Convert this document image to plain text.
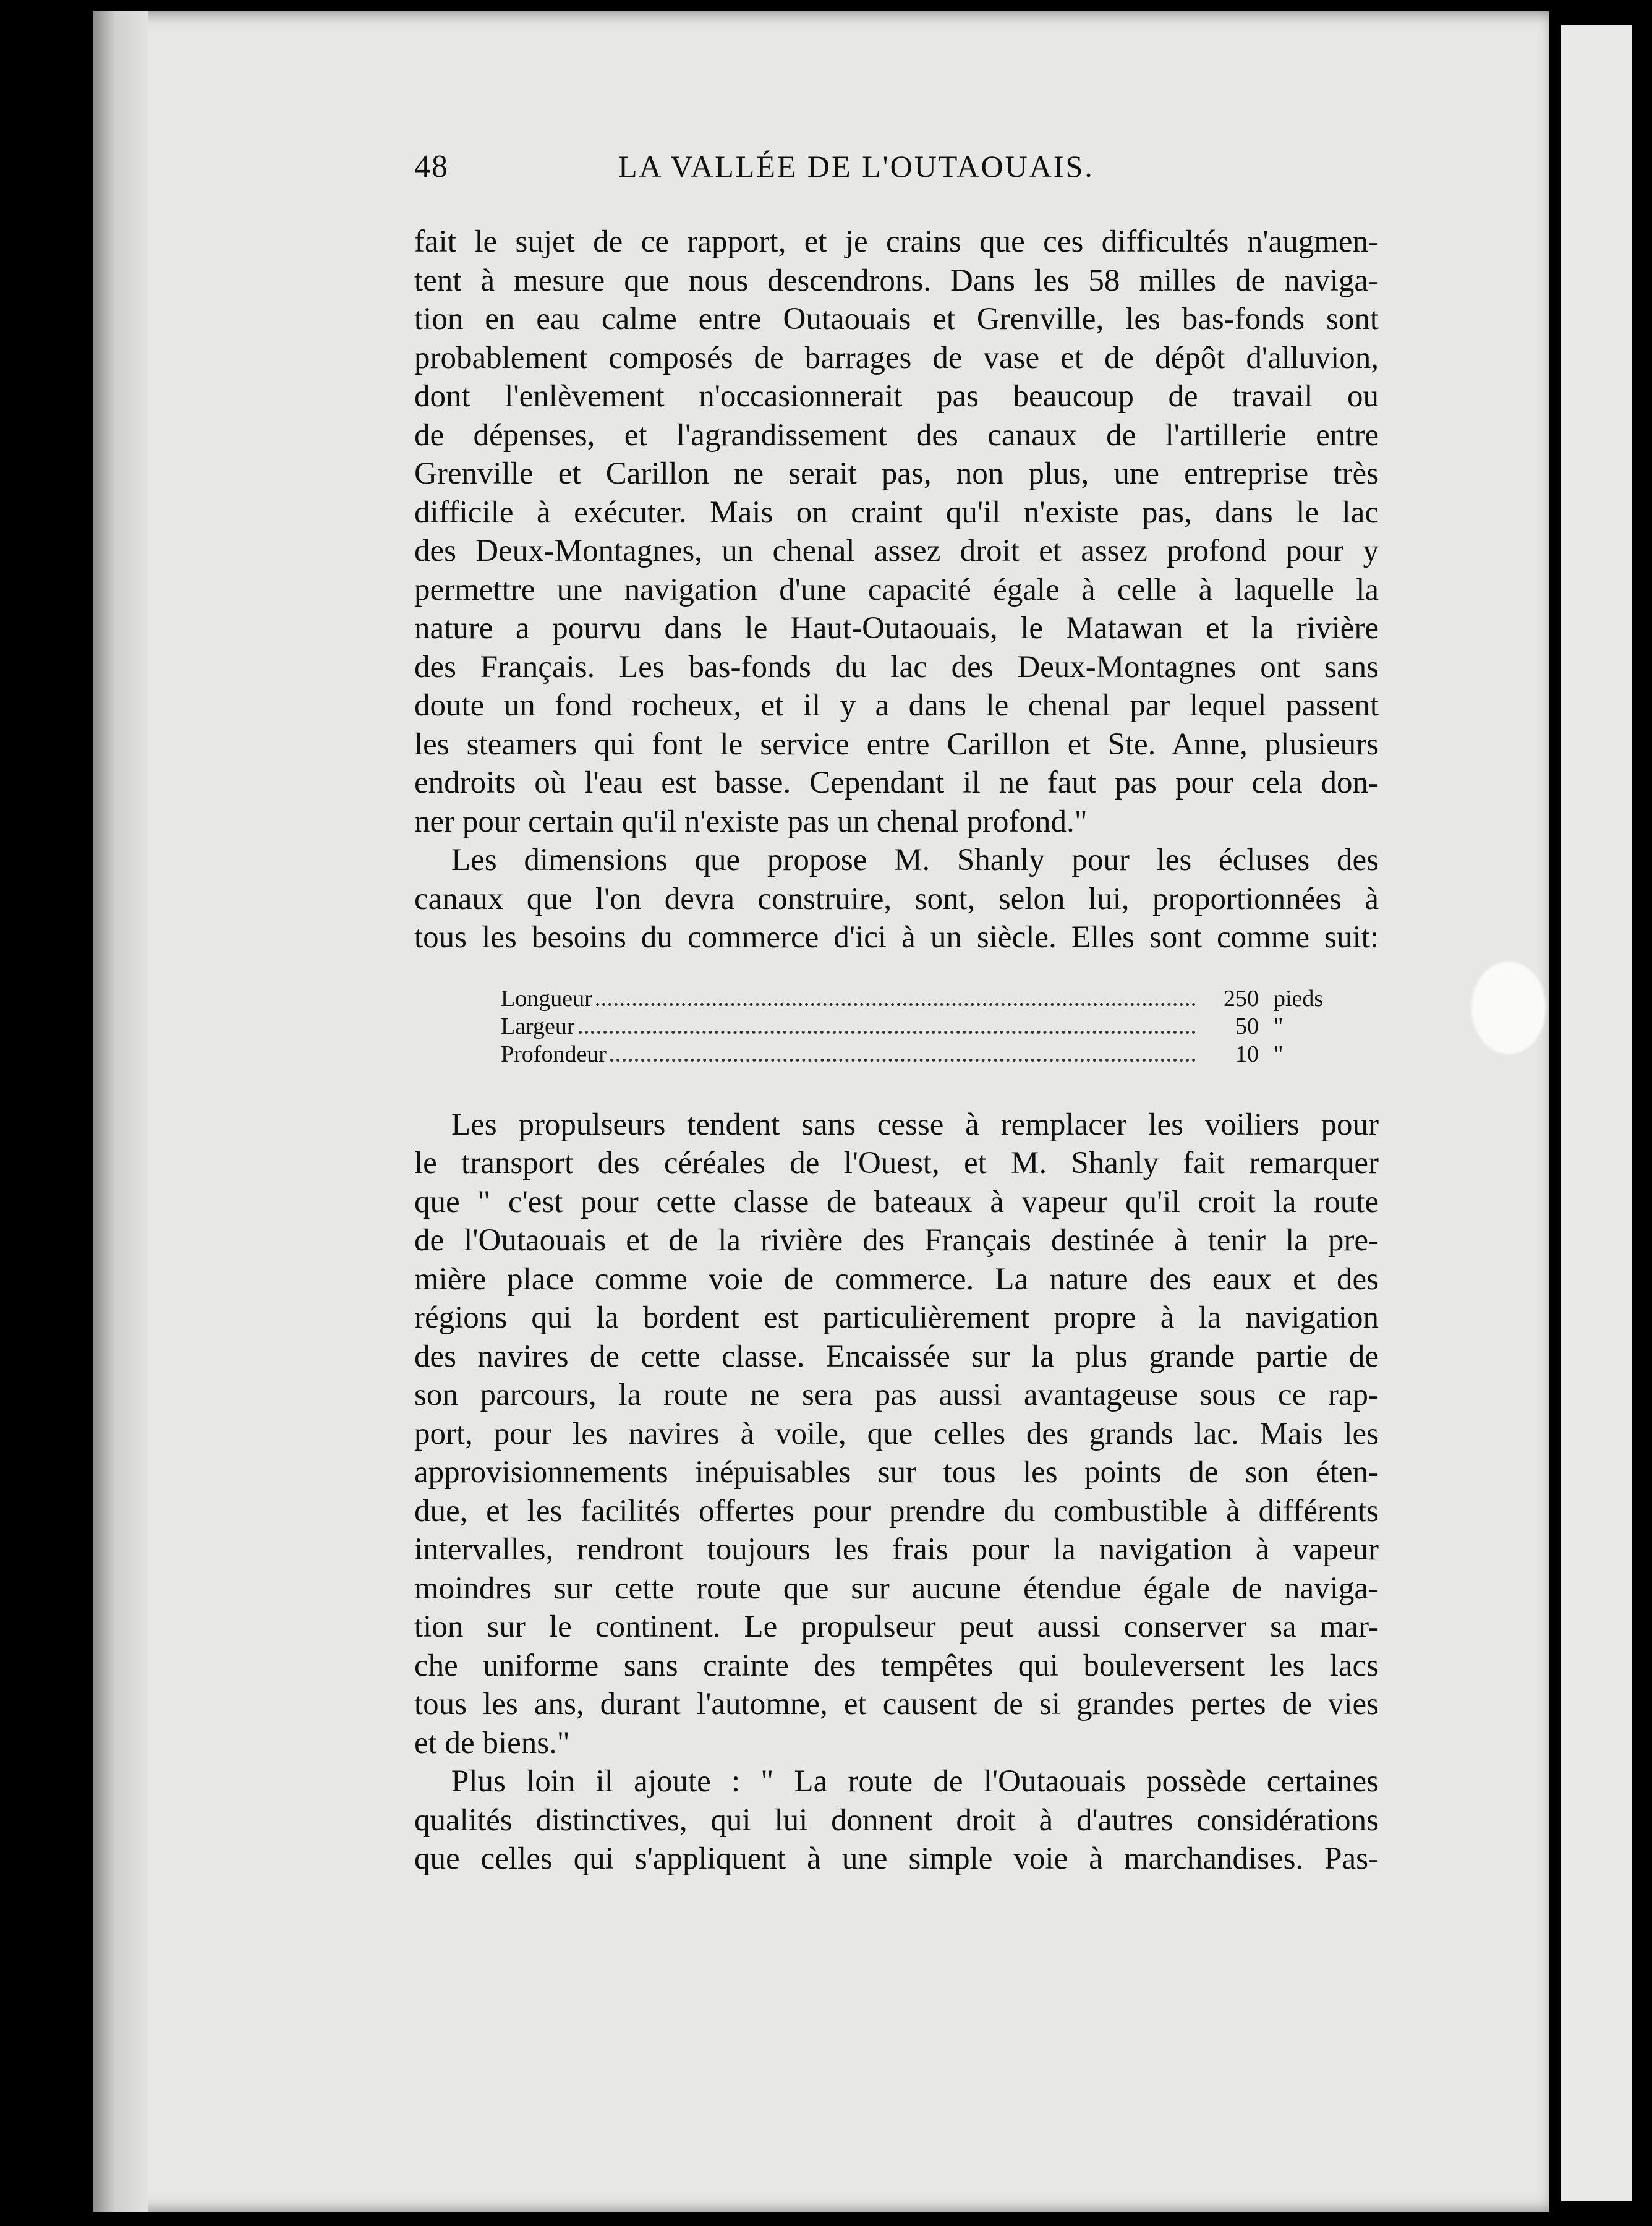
48	LA VALLÉE DE L'OUTAOUAIS.
fait le sujet de ce rapport, et je crains que ces difficultés n'augmen-
tent à mesure que nous descendrons. Dans les 58 milles de naviga-
tion en eau calme entre Outaouais et Grenville, les bas-fonds sont
probablement composés de barrages de vase et de dépôt d'alluvion,
dont l'enlèvement n'occasionnerait pas beaucoup de travail ou
de dépenses, et l'agrandissement des canaux de l'artillerie entre
Grenville et Carillon ne serait pas, non plus, une entreprise très
difficile à exécuter. Mais on craint qu'il n'existe pas, dans le lac
des Deux-Montagnes, un chenal assez droit et assez profond pour y
permettre une navigation d'une capacité égale à celle à laquelle la
nature a pourvu dans le Haut-Outaouais, le Matawan et la rivière
des Français. Les bas-fonds du lac des Deux-Montagnes ont sans
doute un fond rocheux, et il y a dans le chenal par lequel passent
les steamers qui font le service entre Carillon et Ste. Anne, plusieurs
endroits où l'eau est basse. Cependant il ne faut pas pour cela don-
ner pour certain qu'il n'existe pas un chenal profond."
Les dimensions que propose M. Shanly pour les écluses des
canaux que l'on devra construire, sont, selon lui, proportionnées à
tous les besoins du commerce d'ici à un siècle. Elles sont comme suit:
Longueur	250 pieds
Largeur	50 "
Profondeur	10 "
Les propulseurs tendent sans cesse à remplacer les voiliers pour
le transport des céréales de l'Ouest, et M. Shanly fait remarquer
que " c'est pour cette classe de bateaux à vapeur qu'il croit la route
de l'Outaouais et de la rivière des Français destinée à tenir la pre-
mière place comme voie de commerce. La nature des eaux et des
régions qui la bordent est particulièrement propre à la navigation
des navires de cette classe. Encaissée sur la plus grande partie de
son parcours, la route ne sera pas aussi avantageuse sous ce rap-
port, pour les navires à voile, que celles des grands lac. Mais les
approvisionnements inépuisables sur tous les points de son éten-
due, et les facilités offertes pour prendre du combustible à différents
intervalles, rendront toujours les frais pour la navigation à vapeur
moindres sur cette route que sur aucune étendue égale de naviga-
tion sur le continent. Le propulseur peut aussi conserver sa mar-
che uniforme sans crainte des tempêtes qui bouleversent les lacs
tous les ans, durant l'automne, et causent de si grandes pertes de vies
et de biens."
Plus loin il ajoute : " La route de l'Outaouais possède certaines
qualités distinctives, qui lui donnent droit à d'autres considérations
que celles qui s'appliquent à une simple voie à marchandises. Pas-
